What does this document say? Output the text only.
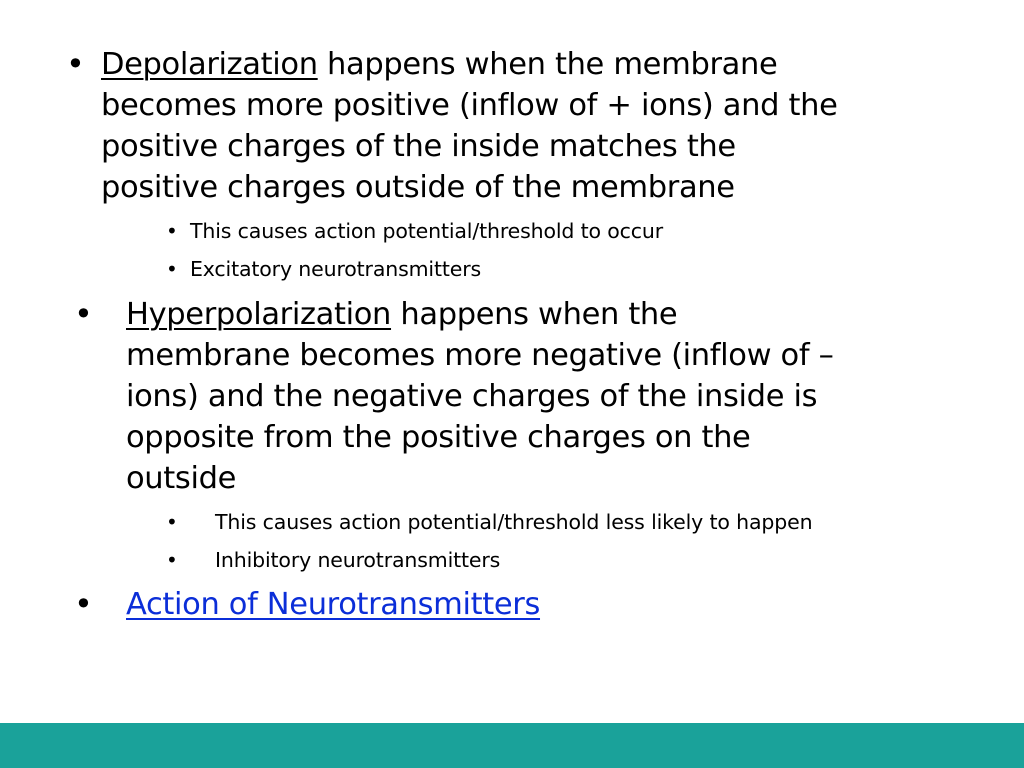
• Depolarization happens when the membrane
becomes more positive (inflow of + ions) and the
positive charges of the inside matches the
positive charges outside of the membrane
• This causes action potential/threshold to occur
• Excitatory neurotransmitters
• Hyperpolarization happens when the
membrane becomes more negative (inflow of –
ions) and the negative charges of the inside is
opposite from the positive charges on the
outside
• This causes action potential/threshold less likely to happen
• Inhibitory neurotransmitters
• Action of Neurotransmitters
